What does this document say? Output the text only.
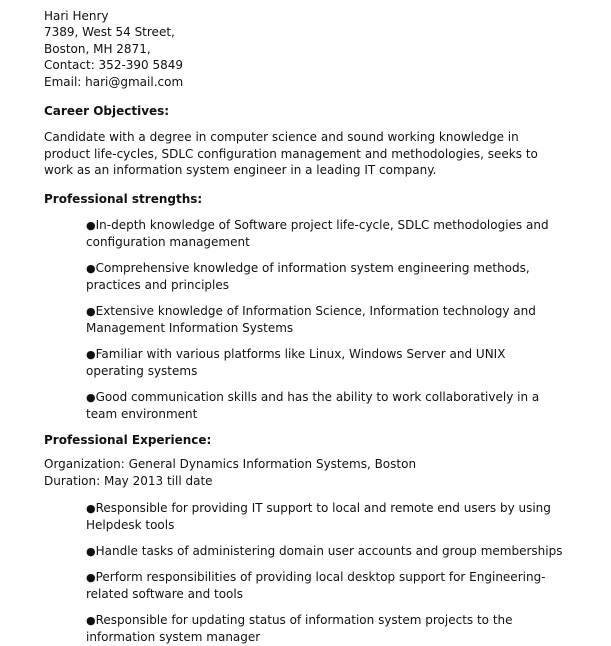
Hari Henry
7389, West 54 Street,
Boston, MH 2871,
Contact: 352-390 5849
Email: hari@gmail.com
Career Objectives:
Candidate with a degree in computer science and sound working knowledge in product life-cycles, SDLC configuration management and methodologies, seeks to work as an information system engineer in a leading IT company.
Professional strengths:
●In-depth knowledge of Software project life-cycle, SDLC methodologies and configuration management
●Comprehensive knowledge of information system engineering methods, practices and principles
●Extensive knowledge of Information Science, Information technology and Management Information Systems
●Familiar with various platforms like Linux, Windows Server and UNIX operating systems
●Good communication skills and has the ability to work collaboratively in a team environment
Professional Experience:
Organization: General Dynamics Information Systems, Boston
Duration: May 2013 till date
●Responsible for providing IT support to local and remote end users by using Helpdesk tools
●Handle tasks of administering domain user accounts and group memberships
●Perform responsibilities of providing local desktop support for Engineering-related software and tools
●Responsible for updating status of information system projects to the information system manager
